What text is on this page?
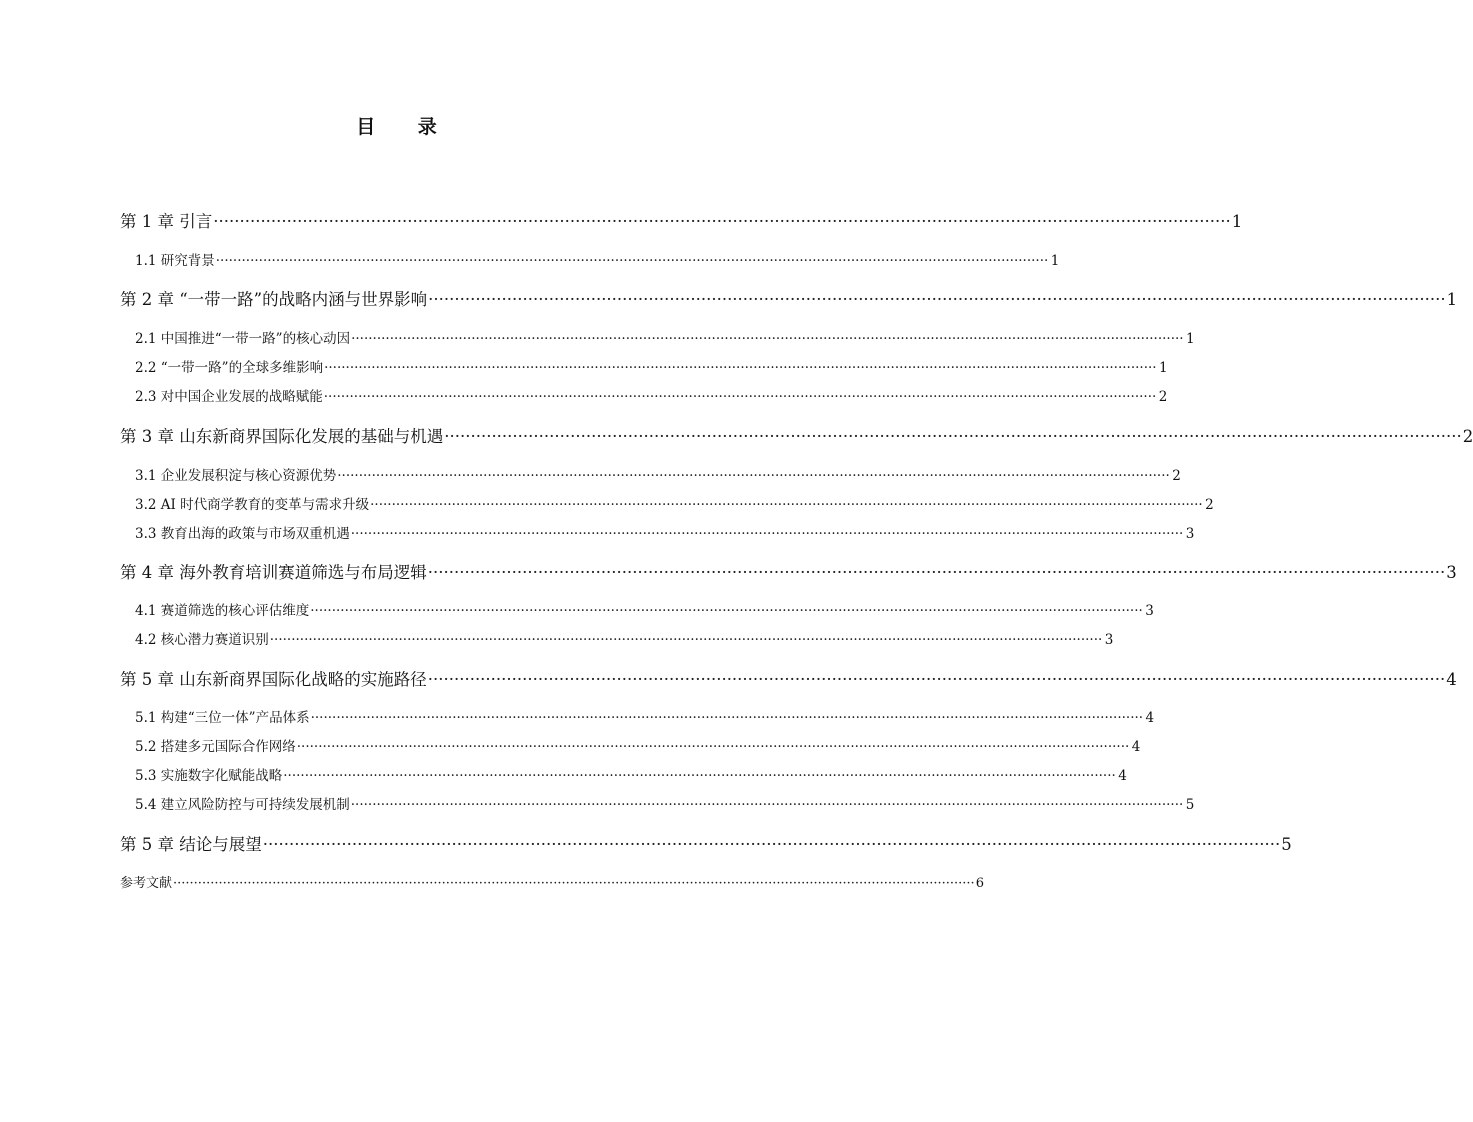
目 录
第 1 章 引言 ·····	1
1.1 研究背景 ·····	1
第 2 章 “一带一路”的战略内涵与世界影响 ·····	1
2.1 中国推进“一带一路”的核心动因 ·····	1
2.2 “一带一路”的全球多维影响 ·····	1
2.3 对中国企业发展的战略赋能 ·····	2
第 3 章 山东新商界国际化发展的基础与机遇 ·····	2
3.1 企业发展积淀与核心资源优势 ·····	2
3.2 AI 时代商学教育的变革与需求升级 ·····	2
3.3 教育出海的政策与市场双重机遇 ·····	3
第 4 章 海外教育培训赛道筛选与布局逻辑 ·····	3
4.1 赛道筛选的核心评估维度 ·····	3
4.2 核心潜力赛道识别 ·····	3
第 5 章 山东新商界国际化战略的实施路径 ·····	4
5.1 构建“三位一体”产品体系 ·····	4
5.2 搭建多元国际合作网络 ·····	4
5.3 实施数字化赋能战略 ·····	4
5.4 建立风险防控与可持续发展机制 ·····	5
第 5 章 结论与展望 ·····	5
参考文献 ·····	6
